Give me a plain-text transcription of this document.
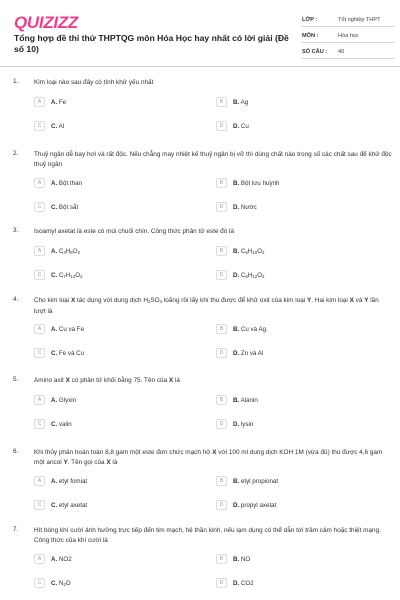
QUIZIZZ
Tổng hợp đề thi thử THPTQG môn Hóa Học hay nhất có lời giải (Đề số 10)
LỚP :	Tốt nghiệp THPT
MÔN :	Hóa học
SỐ CÂU :	40
1. Kim loại nào sau đây có tính khử yếu nhất
A	A. Fe	B	B. Ag
C	C. Al	D	D. Cu
2. Thuỷ ngân dễ bay hơi và rất độc. Nếu chẳng may nhiệt kế thuỷ ngân bị vỡ thì dùng chất nào trong số các chất sau để khử độc thuỷ ngân
A	A. Bột than	B	B. Bột lưu huỳnh
C	C. Bột sắt	D	D. Nước
3. Isoamyl axetat là este có mùi chuối chín. Công thức phân tử este đó là
A	A. $C_4H_8O_2$	B	B. $C_5H_{10}O_2$
C	C. $C_7H_{14}O_2$	D	D. $C_6H_{12}O_2$
4. Cho kim loại X tác dụng với dung dịch $H_2SO_4$ loãng rồi lấy khí thu được để khử oxit của kim loại Y. Hai kim loại X và Y lần lượt là
A	A. Cu và Fe	B	B. Cu và Ag.
C	C. Fe và Cu	D	D. Zn và Al
5. Amino axit X có phân tử khối bằng 75. Tên của X là
A	A. Glyxin	B	B. Alanin
C	C. valin	D	D. lysin
6. Khi thủy phân hoàn toàn 8,8 gam một este đơn chức mạch hở X với 100 ml dung dịch KOH 1M (vừa đủ) thu được 4,6 gam một ancol Y. Tên gọi của X là
A	A. etyl fomiat	B	B. etyl propionat
C	C. etyl axetat	D	D. propyl axetat
7. Hít bóng khí cười ảnh hưởng trực tiếp đến tim mạch, hệ thần kinh, nếu lạm dụng có thể dẫn tới trầm cảm hoặc thiệt mạng. Công thức của khí cười là
A	A. NO2	B	B. NO
C	C. $N_2O$	D	D. CO2
